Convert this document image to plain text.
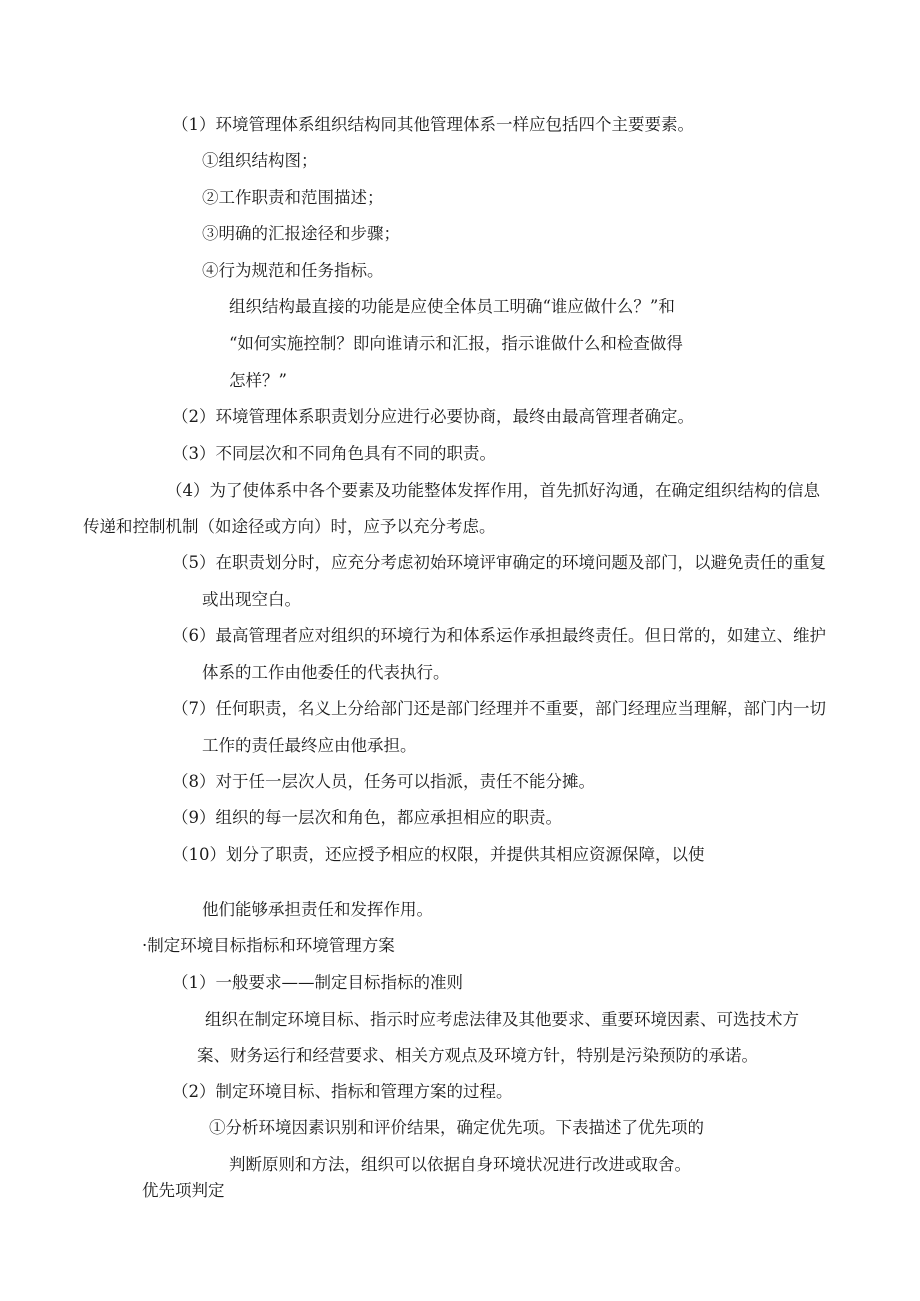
（1）环境管理体系组织结构同其他管理体系一样应包括四个主要要素。
①组织结构图；
②工作职责和范围描述；
③明确的汇报途径和步骤；
④行为规范和任务指标。
组织结构最直接的功能是应使全体员工明确“谁应做什么？”和
“如何实施控制？即向谁请示和汇报，指示谁做什么和检查做得
怎样？”
（2）环境管理体系职责划分应进行必要协商，最终由最高管理者确定。
（3）不同层次和不同角色具有不同的职责。
（4）为了使体系中各个要素及功能整体发挥作用，首先抓好沟通，在确定组织结构的信息
传递和控制机制（如途径或方向）时，应予以充分考虑。
（5）在职责划分时，应充分考虑初始环境评审确定的环境问题及部门，以避免责任的重复
或出现空白。
（6）最高管理者应对组织的环境行为和体系运作承担最终责任。但日常的，如建立、维护
体系的工作由他委任的代表执行。
（7）任何职责，名义上分给部门还是部门经理并不重要，部门经理应当理解，部门内一切
工作的责任最终应由他承担。
（8）对于任一层次人员，任务可以指派，责任不能分摊。
（9）组织的每一层次和角色，都应承担相应的职责。
（10）划分了职责，还应授予相应的权限，并提供其相应资源保障，以使
他们能够承担责任和发挥作用。
·制定环境目标指标和环境管理方案
（1）一般要求——制定目标指标的准则
组织在制定环境目标、指示时应考虑法律及其他要求、重要环境因素、可选技术方
案、财务运行和经营要求、相关方观点及环境方针，特别是污染预防的承诺。
（2）制定环境目标、指标和管理方案的过程。
①分析环境因素识别和评价结果，确定优先项。下表描述了优先项的
判断原则和方法，组织可以依据自身环境状况进行改进或取舍。
优先项判定
